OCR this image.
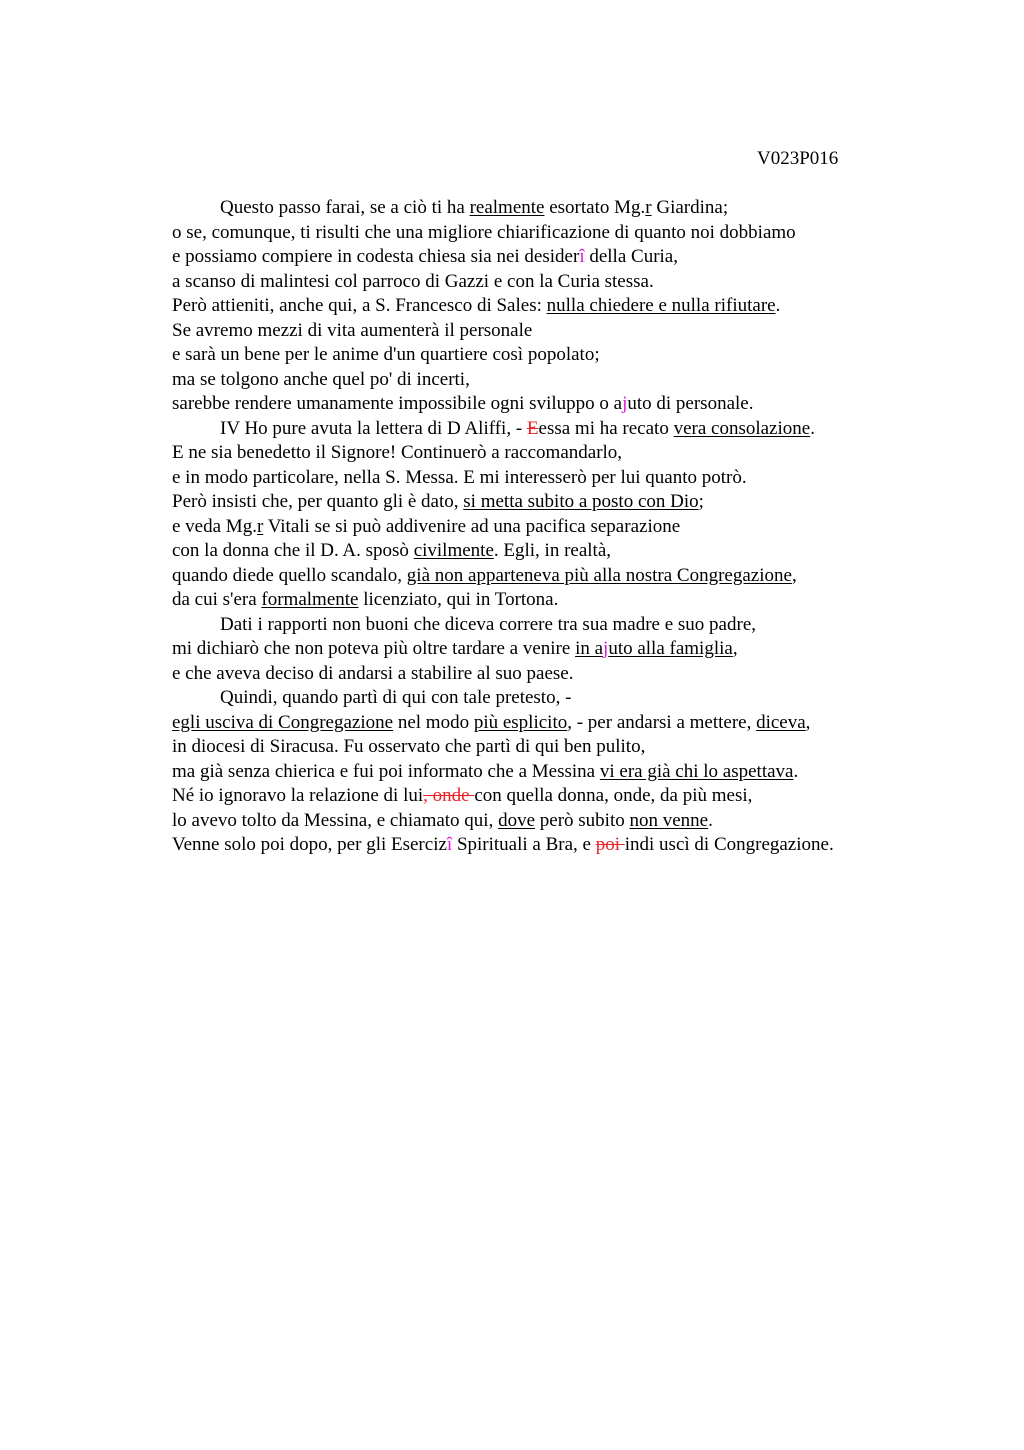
V023P016
Questo passo farai, se a ciò ti ha realmente esortato Mg.r Giardina;
o se, comunque, ti risulti che una migliore chiarificazione di quanto noi dobbiamo
e possiamo compiere in codesta chiesa sia nei desiderî della Curia,
a scanso di malintesi col parroco di Gazzi e con la Curia stessa.
Però attieniti, anche qui, a S. Francesco di Sales: nulla chiedere e nulla rifiutare.
Se avremo mezzi di vita aumenterà il personale
e sarà un bene per le anime d'un quartiere così popolato;
ma se tolgono anche quel po' di incerti,
sarebbe rendere umanamente impossibile ogni sviluppo o ajuto di personale.
IV Ho pure avuta la lettera di D Aliffi, - Eessa mi ha recato vera consolazione.
E ne sia benedetto il Signore! Continuerò a raccomandarlo,
e in modo particolare, nella S. Messa. E mi interesserò per lui quanto potrò.
Però insisti che, per quanto gli è dato, si metta subito a posto con Dio;
e veda Mg.r Vitali se si può addivenire ad una pacifica separazione
con la donna che il D. A. sposò civilmente. Egli, in realtà,
quando diede quello scandalo, già non apparteneva più alla nostra Congregazione,
da cui s'era formalmente licenziato, qui in Tortona.
Dati i rapporti non buoni che diceva correre tra sua madre e suo padre,
mi dichiarò che non poteva più oltre tardare a venire in ajuto alla famiglia,
e che aveva deciso di andarsi a stabilire al suo paese.
Quindi, quando partì di qui con tale pretesto, -
egli usciva di Congregazione nel modo più esplicito, - per andarsi a mettere, diceva,
in diocesi di Siracusa. Fu osservato che partì di qui ben pulito,
ma già senza chierica e fui poi informato che a Messina vi era già chi lo aspettava.
Né io ignoravo la relazione di lui, onde con quella donna, onde, da più mesi,
lo avevo tolto da Messina, e chiamato qui, dove però subito non venne.
Venne solo poi dopo, per gli Esercizî Spirituali a Bra, e poi indi uscì di Congregazione.
